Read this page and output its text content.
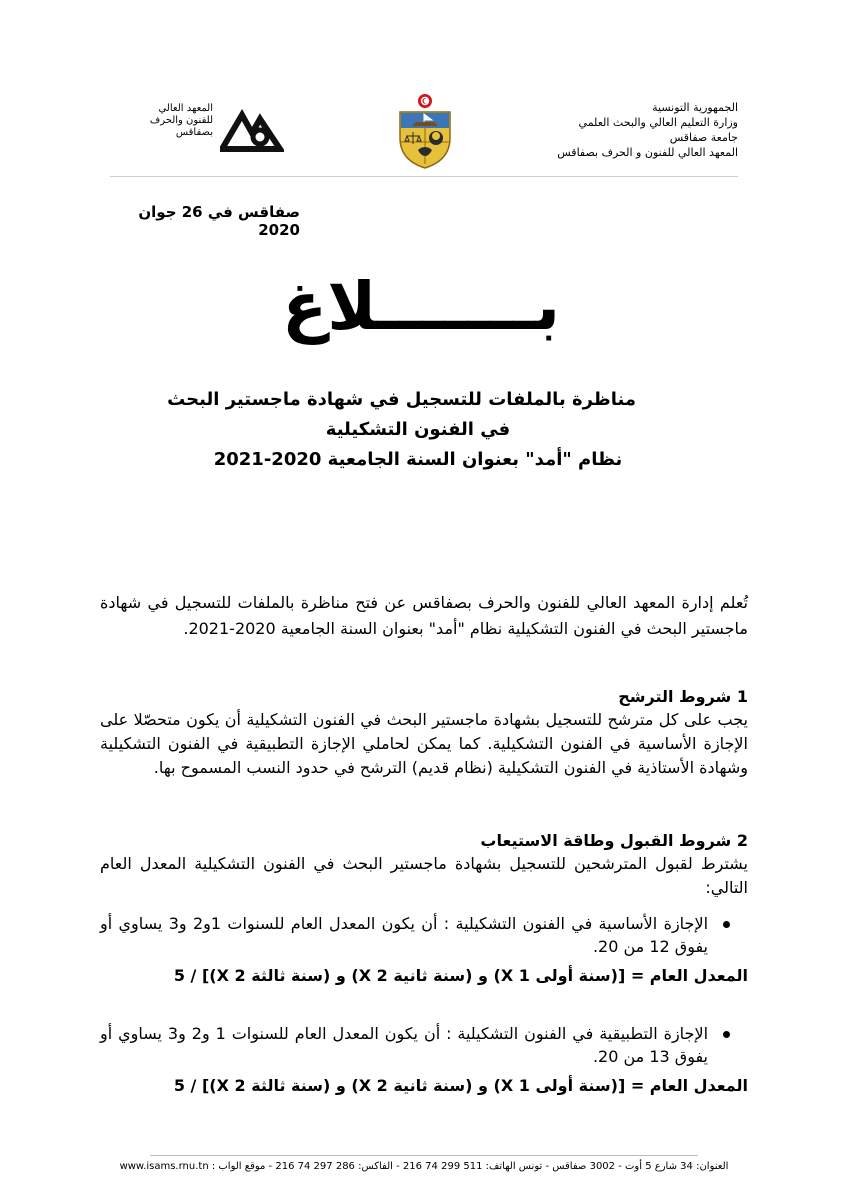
الجمهورية التونسية
وزارة التعليم العالي والبحث العلمي
جامعة صفاقس
المعهد العالي للفنون و الحرف بصفاقس
المعهد العالي
للفنون والحرف
بصفاقس
صفاقس في 26 جوان 2020
بـــــــلاغ
مناظرة بالملفات للتسجيل في شهادة ماجستير البحث
في الفنون التشكيلية
نظام "أمد" بعنوان السنة الجامعية 2020-2021
تُعلم إدارة المعهد العالي للفنون والحرف بصفاقس عن فتح مناظرة بالملفات للتسجيل في شهادة ماجستير البحث في الفنون التشكيلية نظام "أمد" بعنوان السنة الجامعية 2020-2021.
1 شروط الترشح
يجب على كل مترشح للتسجيل بشهادة ماجستير البحث في الفنون التشكيلية أن يكون متحصّلا على الإجازة الأساسية في الفنون التشكيلية. كما يمكن لحاملي الإجازة التطبيقية في الفنون التشكيلية وشهادة الأستاذية في الفنون التشكيلية (نظام قديم) الترشح في حدود النسب المسموح بها.
2 شروط القبول وطاقة الاستيعاب
يشترط لقبول المترشحين للتسجيل بشهادة ماجستير البحث في الفنون التشكيلية المعدل العام التالي:
الإجازة الأساسية في الفنون التشكيلية : أن يكون المعدل العام للسنوات 1و2 و3 يساوي أو يفوق 12 من 20.
المعدل العام = [(سنة أولى X 1) و (سنة ثانية X 2) و (سنة ثالثة X 2)] / 5
الإجازة التطبيقية في الفنون التشكيلية : أن يكون المعدل العام للسنوات 1 و2 و3 يساوي أو يفوق 13 من 20.
المعدل العام = [(سنة أولى X 1) و (سنة ثانية X 2) و (سنة ثالثة X 2)] / 5
العنوان: 34 شارع 5 أوت - 3002 صفاقس - تونس الهاتف: 511 299 74 216 - الفاكس: 286 297 74 216 - موقع الواب : www.isams.rnu.tn
